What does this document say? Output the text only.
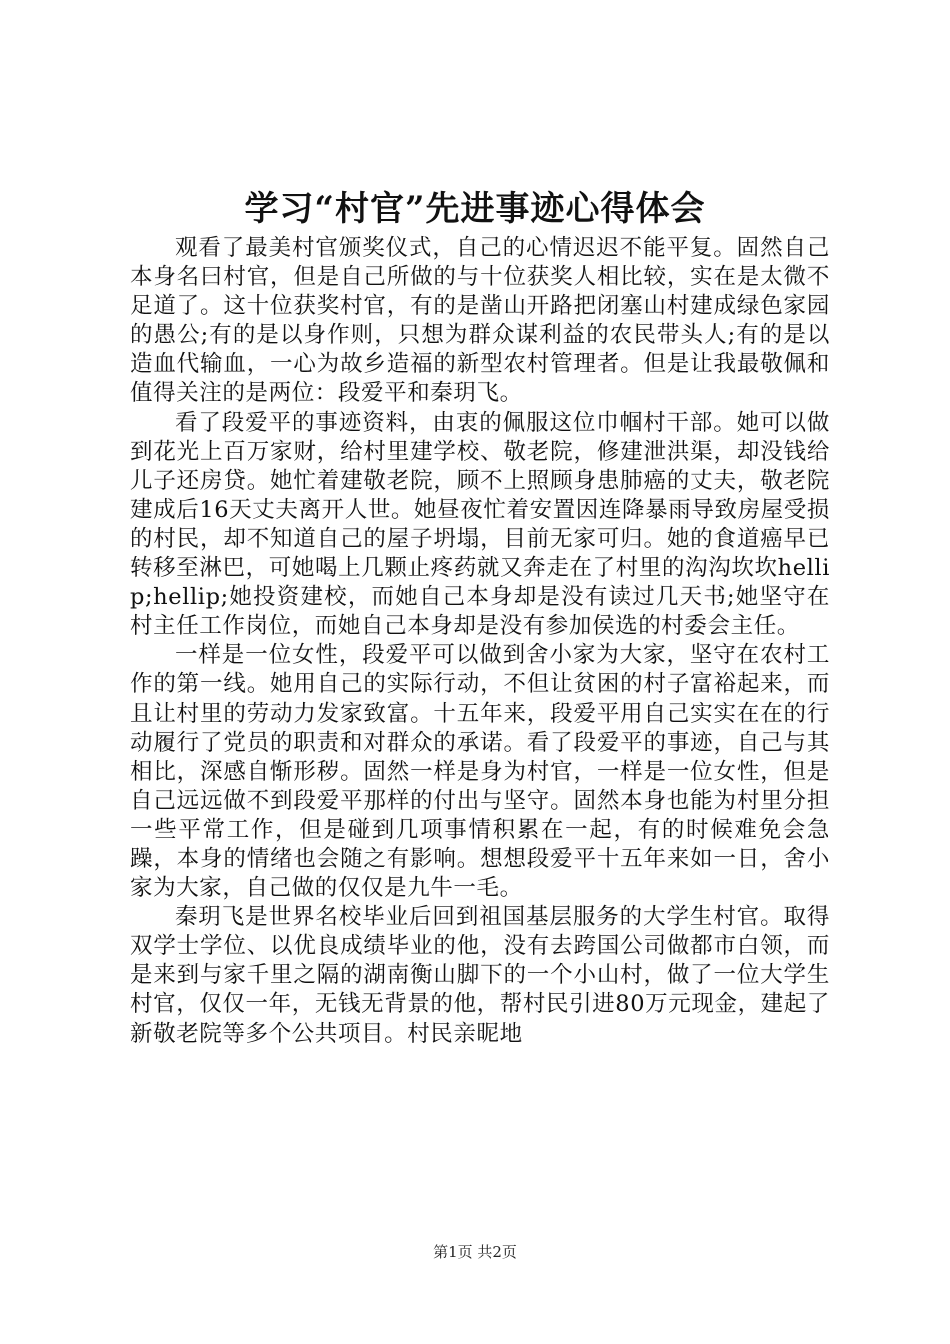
学习“村官”先进事迹心得体会

观看了最美村官颁奖仪式，自己的心情迟迟不能平复。固然自己本身名曰村官，但是自己所做的与十位获奖人相比较，实在是太微不足道了。这十位获奖村官，有的是凿山开路把闭塞山村建成绿色家园的愚公;有的是以身作则，只想为群众谋利益的农民带头人;有的是以造血代输血，一心为故乡造福的新型农村管理者。但是让我最敬佩和值得关注的是两位：段爱平和秦玥飞。

看了段爱平的事迹资料，由衷的佩服这位巾帼村干部。她可以做到花光上百万家财，给村里建学校、敬老院，修建泄洪渠，却没钱给儿子还房贷。她忙着建敬老院，顾不上照顾身患肺癌的丈夫，敬老院建成后16天丈夫离开人世。她昼夜忙着安置因连降暴雨导致房屋受损的村民，却不知道自己的屋子坍塌，目前无家可归。她的食道癌早已转移至淋巴，可她喝上几颗止疼药就又奔走在了村里的沟沟坎坎hellip;hellip;她投资建校，而她自己本身却是没有读过几天书;她坚守在村主任工作岗位，而她自己本身却是没有参加侯选的村委会主任。

一样是一位女性，段爱平可以做到舍小家为大家，坚守在农村工作的第一线。她用自己的实际行动，不但让贫困的村子富裕起来，而且让村里的劳动力发家致富。十五年来，段爱平用自己实实在在的行动履行了党员的职责和对群众的承诺。看了段爱平的事迹，自己与其相比，深感自惭形秽。固然一样是身为村官，一样是一位女性，但是自己远远做不到段爱平那样的付出与坚守。固然本身也能为村里分担一些平常工作，但是碰到几项事情积累在一起，有的时候难免会急躁，本身的情绪也会随之有影响。想想段爱平十五年来如一日，舍小家为大家，自己做的仅仅是九牛一毛。

秦玥飞是世界名校毕业后回到祖国基层服务的大学生村官。取得双学士学位、以优良成绩毕业的他，没有去跨国公司做都市白领，而是来到与家千里之隔的湖南衡山脚下的一个小山村，做了一位大学生村官，仅仅一年，无钱无背景的他，帮村民引进80万元现金，建起了新敬老院等多个公共项目。村民亲昵地

第1页 共2页
